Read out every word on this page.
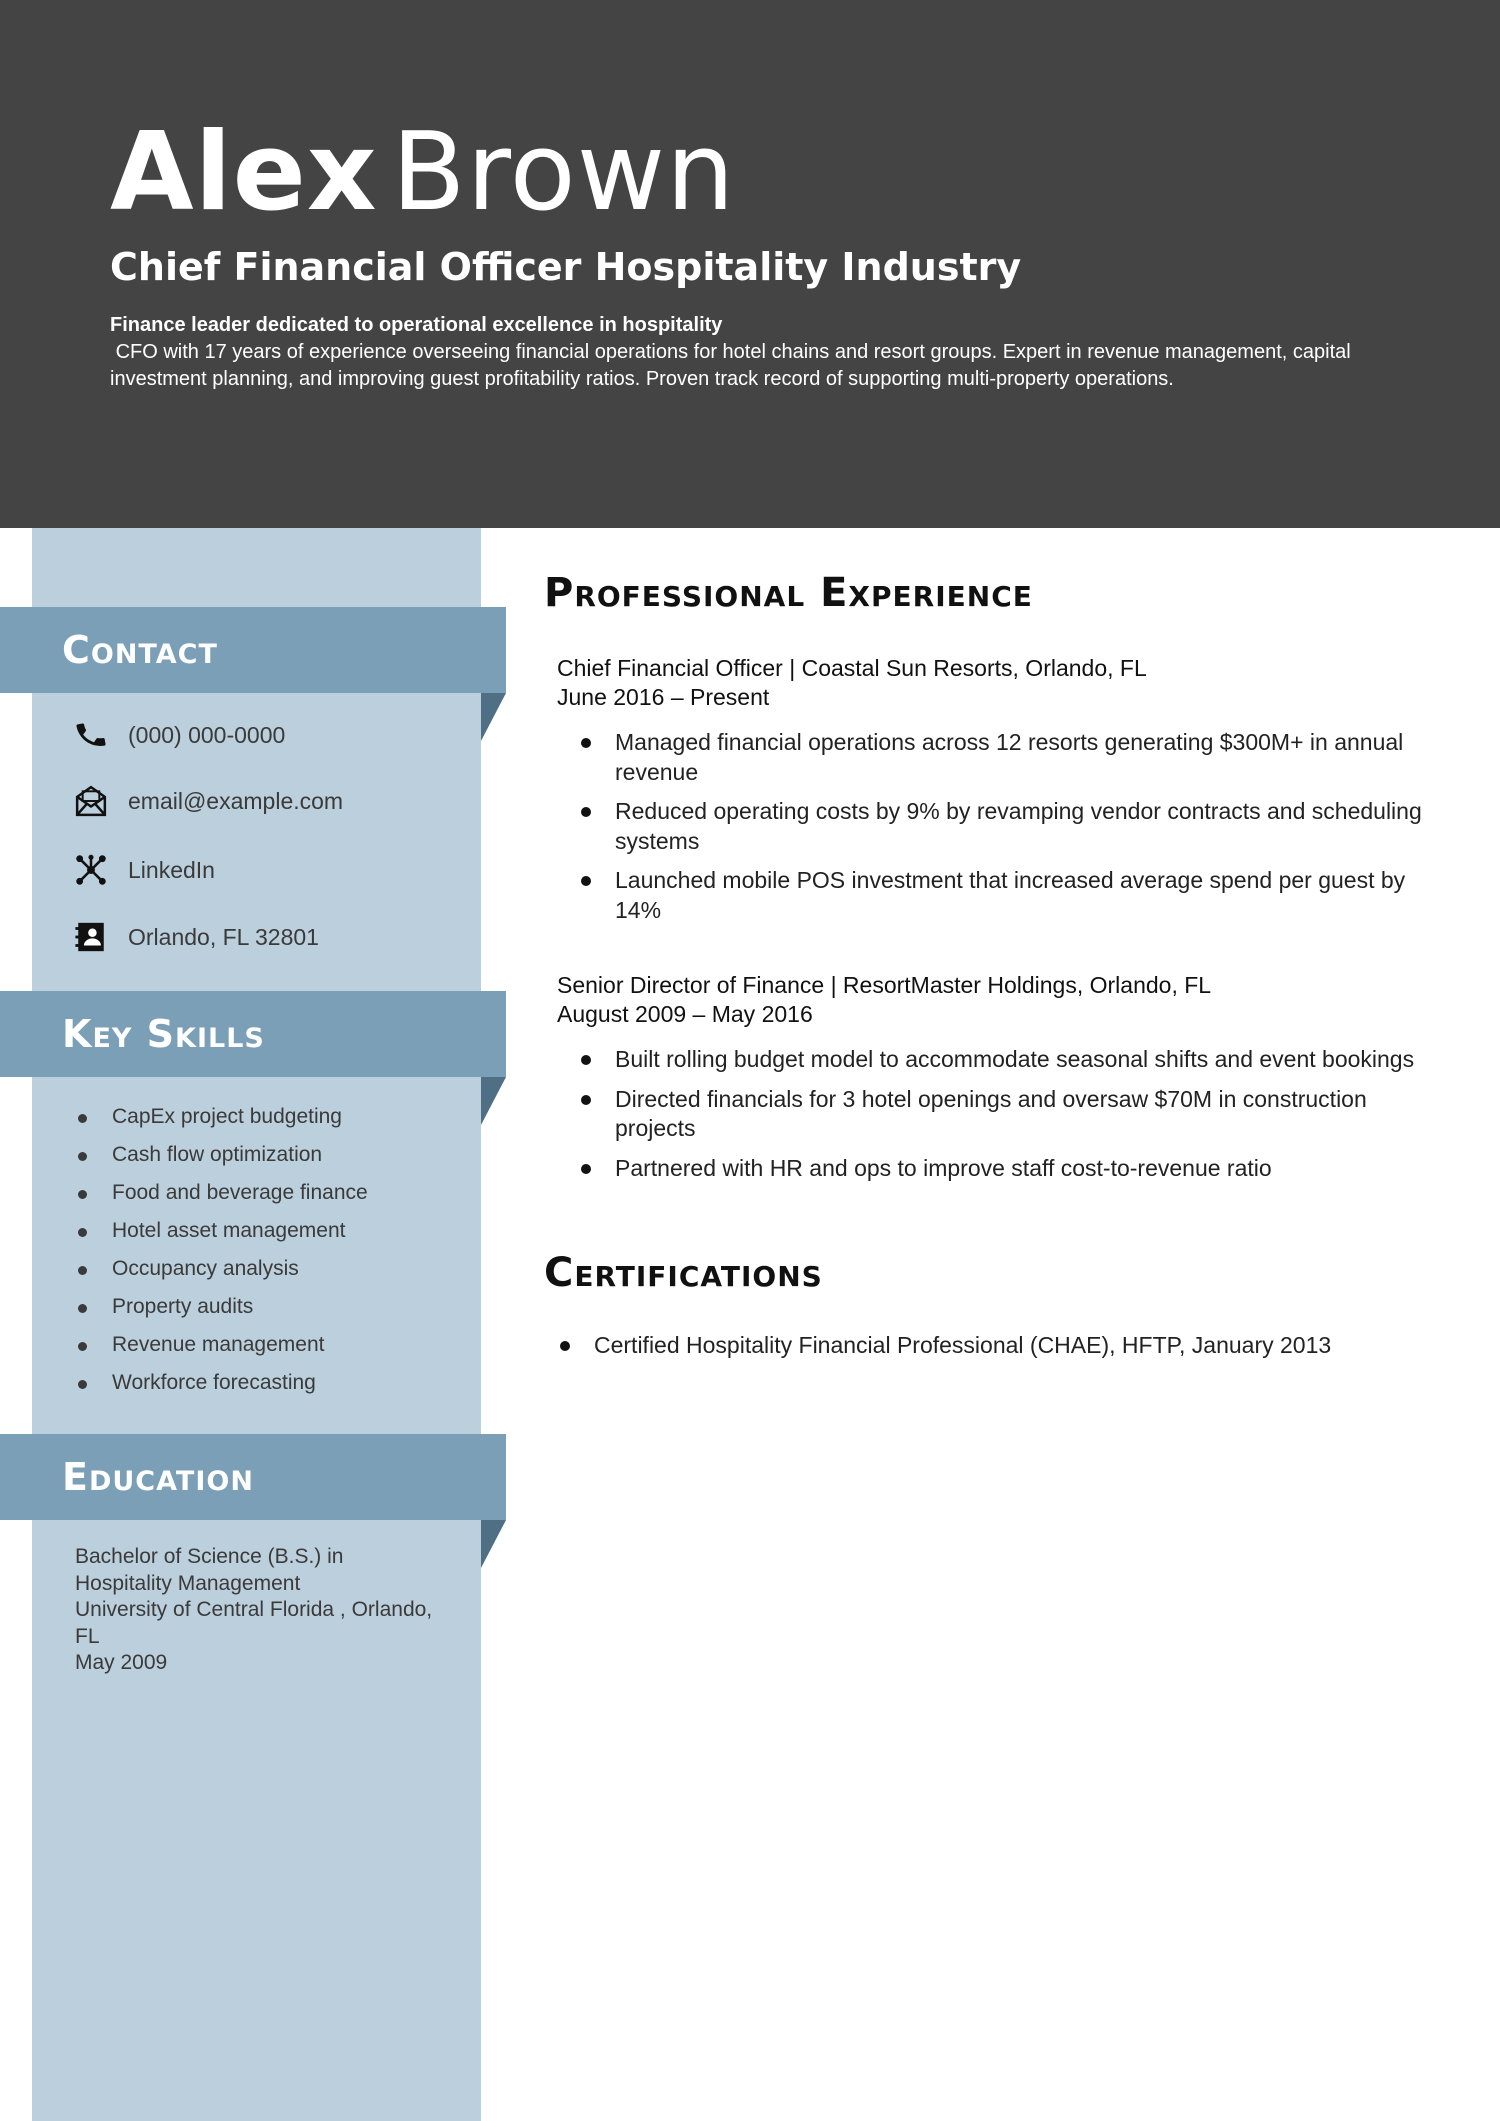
Alex Brown
Chief Financial Officer Hospitality Industry
Finance leader dedicated to operational excellence in hospitality
CFO with 17 years of experience overseeing financial operations for hotel chains and resort groups. Expert in revenue management, capital investment planning, and improving guest profitability ratios. Proven track record of supporting multi-property operations.
Contact
(000) 000-0000
email@example.com
LinkedIn
Orlando, FL 32801
Key Skills
CapEx project budgeting
Cash flow optimization
Food and beverage finance
Hotel asset management
Occupancy analysis
Property audits
Revenue management
Workforce forecasting
Education
Bachelor of Science (B.S.) in
Hospitality Management
University of Central Florida , Orlando,
FL
May 2009
Professional Experience
Chief Financial Officer | Coastal Sun Resorts, Orlando, FL
June 2016 – Present
Managed financial operations across 12 resorts generating $300M+ in annual revenue
Reduced operating costs by 9% by revamping vendor contracts and scheduling systems
Launched mobile POS investment that increased average spend per guest by 14%
Senior Director of Finance | ResortMaster Holdings, Orlando, FL
August 2009 – May 2016
Built rolling budget model to accommodate seasonal shifts and event bookings
Directed financials for 3 hotel openings and oversaw $70M in construction projects
Partnered with HR and ops to improve staff cost-to-revenue ratio
Certifications
Certified Hospitality Financial Professional (CHAE), HFTP, January 2013
